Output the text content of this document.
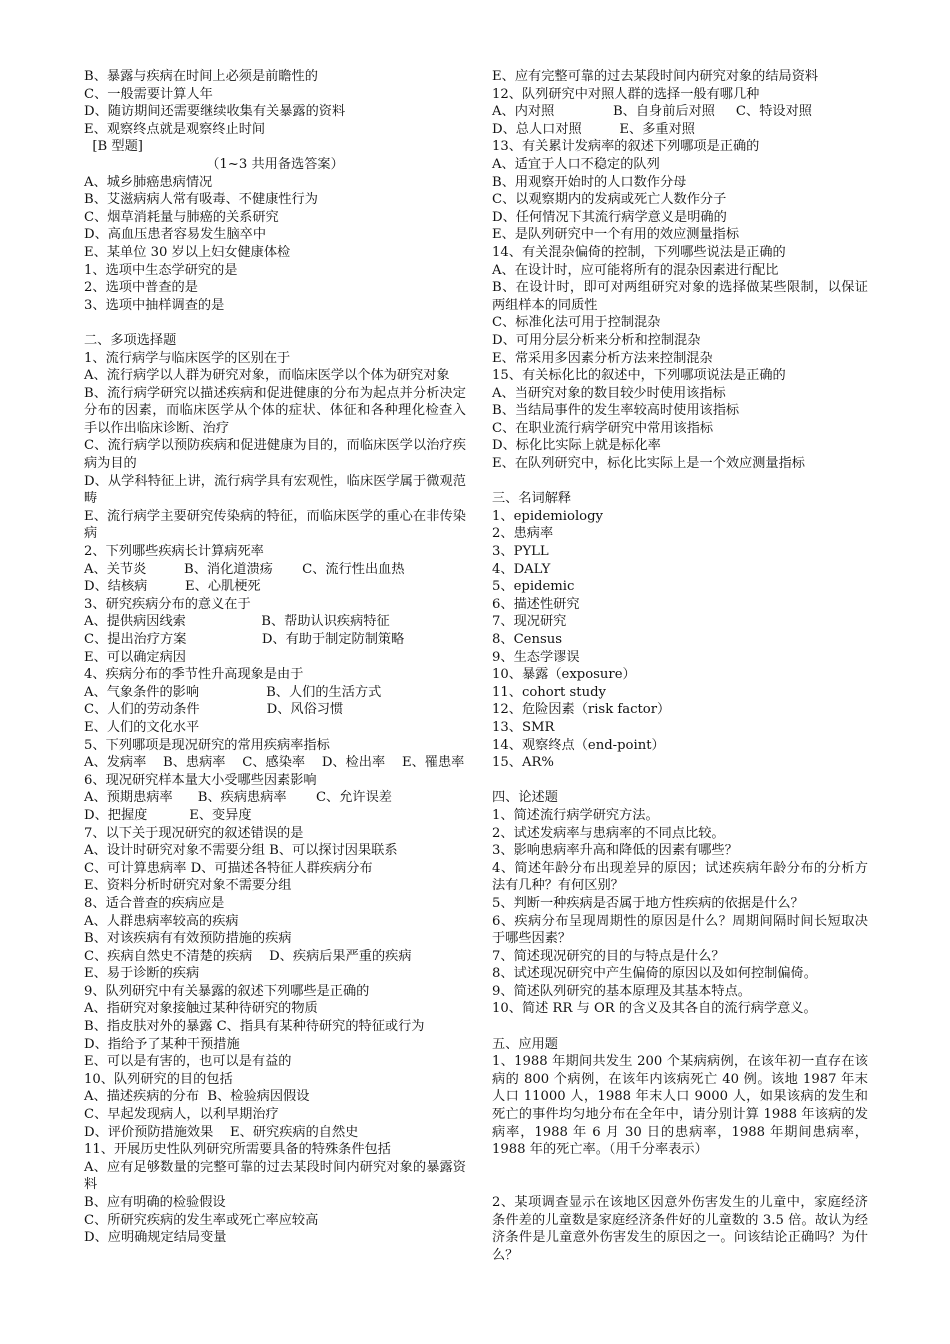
B、暴露与疾病在时间上必须是前瞻性的
C、一般需要计算人年
D、随访期间还需要继续收集有关暴露的资料
E、观察终点就是观察终止时间
[B 型题]
（1~3 共用备选答案）
A、城乡肺癌患病情况
B、艾滋病病人常有吸毒、不健康性行为
C、烟草消耗量与肺癌的关系研究
D、高血压患者容易发生脑卒中
E、某单位 30 岁以上妇女健康体检
1、选项中生态学研究的是
2、选项中普查的是
3、选项中抽样调查的是
二、多项选择题
1、流行病学与临床医学的区别在于
A、流行病学以人群为研究对象，而临床医学以个体为研究对象
B、流行病学研究以描述疾病和促进健康的分布为起点并分析决定分布的因素，而临床医学从个体的症状、体征和各种理化检查入手以作出临床诊断、治疗
C、流行病学以预防疾病和促进健康为目的，而临床医学以治疗疾病为目的
D、从学科特征上讲，流行病学具有宏观性，临床医学属于微观范畴
E、流行病学主要研究传染病的特征，而临床医学的重心在非传染病
2、下列哪些疾病长计算病死率
A、关节炎         B、消化道溃疡       C、流行性出血热
D、结核病         E、心肌梗死
3、研究疾病分布的意义在于
A、提供病因线索                  B、帮助认识疾病特征
C、提出治疗方案                  D、有助于制定防制策略
E、可以确定病因
4、疾病分布的季节性升高现象是由于
A、气象条件的影响                B、人们的生活方式
C、人们的劳动条件                D、风俗习惯
E、人们的文化水平
5、下列哪项是现况研究的常用疾病率指标
A、发病率    B、患病率    C、感染率    D、检出率    E、罹患率
6、现况研究样本量大小受哪些因素影响
A、预期患病率      B、疾病患病率       C、允许误差
D、把握度          E、变异度
7、以下关于现况研究的叙述错误的是
A、设计时研究对象不需要分组 B、可以探讨因果联系
C、可计算患病率 D、可描述各特征人群疾病分布
E、资料分析时研究对象不需要分组
8、适合普查的疾病应是
A、人群患病率较高的疾病
B、对该疾病有有效预防措施的疾病
C、疾病自然史不清楚的疾病    D、疾病后果严重的疾病
E、易于诊断的疾病
9、队列研究中有关暴露的叙述下列哪些是正确的
A、指研究对象接触过某种待研究的物质
B、指皮肤对外的暴露 C、指具有某种待研究的特征或行为
D、指给予了某种干预措施
E、可以是有害的，也可以是有益的
10、队列研究的目的包括
A、描述疾病的分布  B、检验病因假设
C、早起发现病人，以利早期治疗
D、评价预防措施效果    E、研究疾病的自然史
11、开展历史性队列研究所需要具备的特殊条件包括
A、应有足够数量的完整可靠的过去某段时间内研究对象的暴露资料
B、应有明确的检验假设
C、所研究疾病的发生率或死亡率应较高
D、应明确规定结局变量
E、应有完整可靠的过去某段时间内研究对象的结局资料
12、队列研究中对照人群的选择一般有哪几种
A、内对照              B、自身前后对照     C、特设对照
D、总人口对照         E、多重对照
13、有关累计发病率的叙述下列哪项是正确的
A、适宜于人口不稳定的队列
B、用观察开始时的人口数作分母
C、以观察期内的发病或死亡人数作分子
D、任何情况下其流行病学意义是明确的
E、是队列研究中一个有用的效应测量指标
14、有关混杂偏倚的控制，下列哪些说法是正确的
A、在设计时，应可能将所有的混杂因素进行配比
B、在设计时，即可对两组研究对象的选择做某些限制，以保证两组样本的同质性
C、标准化法可用于控制混杂
D、可用分层分析来分析和控制混杂
E、常采用多因素分析方法来控制混杂
15、有关标化比的叙述中，下列哪项说法是正确的
A、当研究对象的数目较少时使用该指标
B、当结局事件的发生率较高时使用该指标
C、在职业流行病学研究中常用该指标
D、标化比实际上就是标化率
E、在队列研究中，标化比实际上是一个效应测量指标
三、名词解释
1、epidemiology
2、患病率
3、PYLL
4、DALY
5、epidemic
6、描述性研究
7、现况研究
8、Census
9、生态学谬误
10、暴露（exposure）
11、cohort study
12、危险因素（risk factor）
13、SMR
14、观察终点（end-point）
15、AR%
四、论述题
1、简述流行病学研究方法。
2、试述发病率与患病率的不同点比较。
3、影响患病率升高和降低的因素有哪些？
4、简述年龄分布出现差异的原因；试述疾病年龄分布的分析方法有几种？有何区别？
5、判断一种疾病是否属于地方性疾病的依据是什么？
6、疾病分布呈现周期性的原因是什么？周期间隔时间长短取决于哪些因素？
7、简述现况研究的目的与特点是什么？
8、试述现况研究中产生偏倚的原因以及如何控制偏倚。
9、简述队列研究的基本原理及其基本特点。
10、简述 RR 与 OR 的含义及其各自的流行病学意义。
五、应用题
1、1988 年期间共发生 200 个某病病例，在该年初一直存在该病的 800 个病例，在该年内该病死亡 40 例。该地 1987 年末人口 11000 人，1988 年末人口 9000 人，如果该病的发生和死亡的事件均匀地分布在全年中，请分别计算 1988 年该病的发病率，1988 年 6 月 30 日的患病率，1988 年期间患病率，1988 年的死亡率。（用千分率表示）
2、某项调查显示在该地区因意外伤害发生的儿童中，家庭经济条件差的儿童数是家庭经济条件好的儿童数的 3.5 倍。故认为经济条件是儿童意外伤害发生的原因之一。问该结论正确吗？为什么？
